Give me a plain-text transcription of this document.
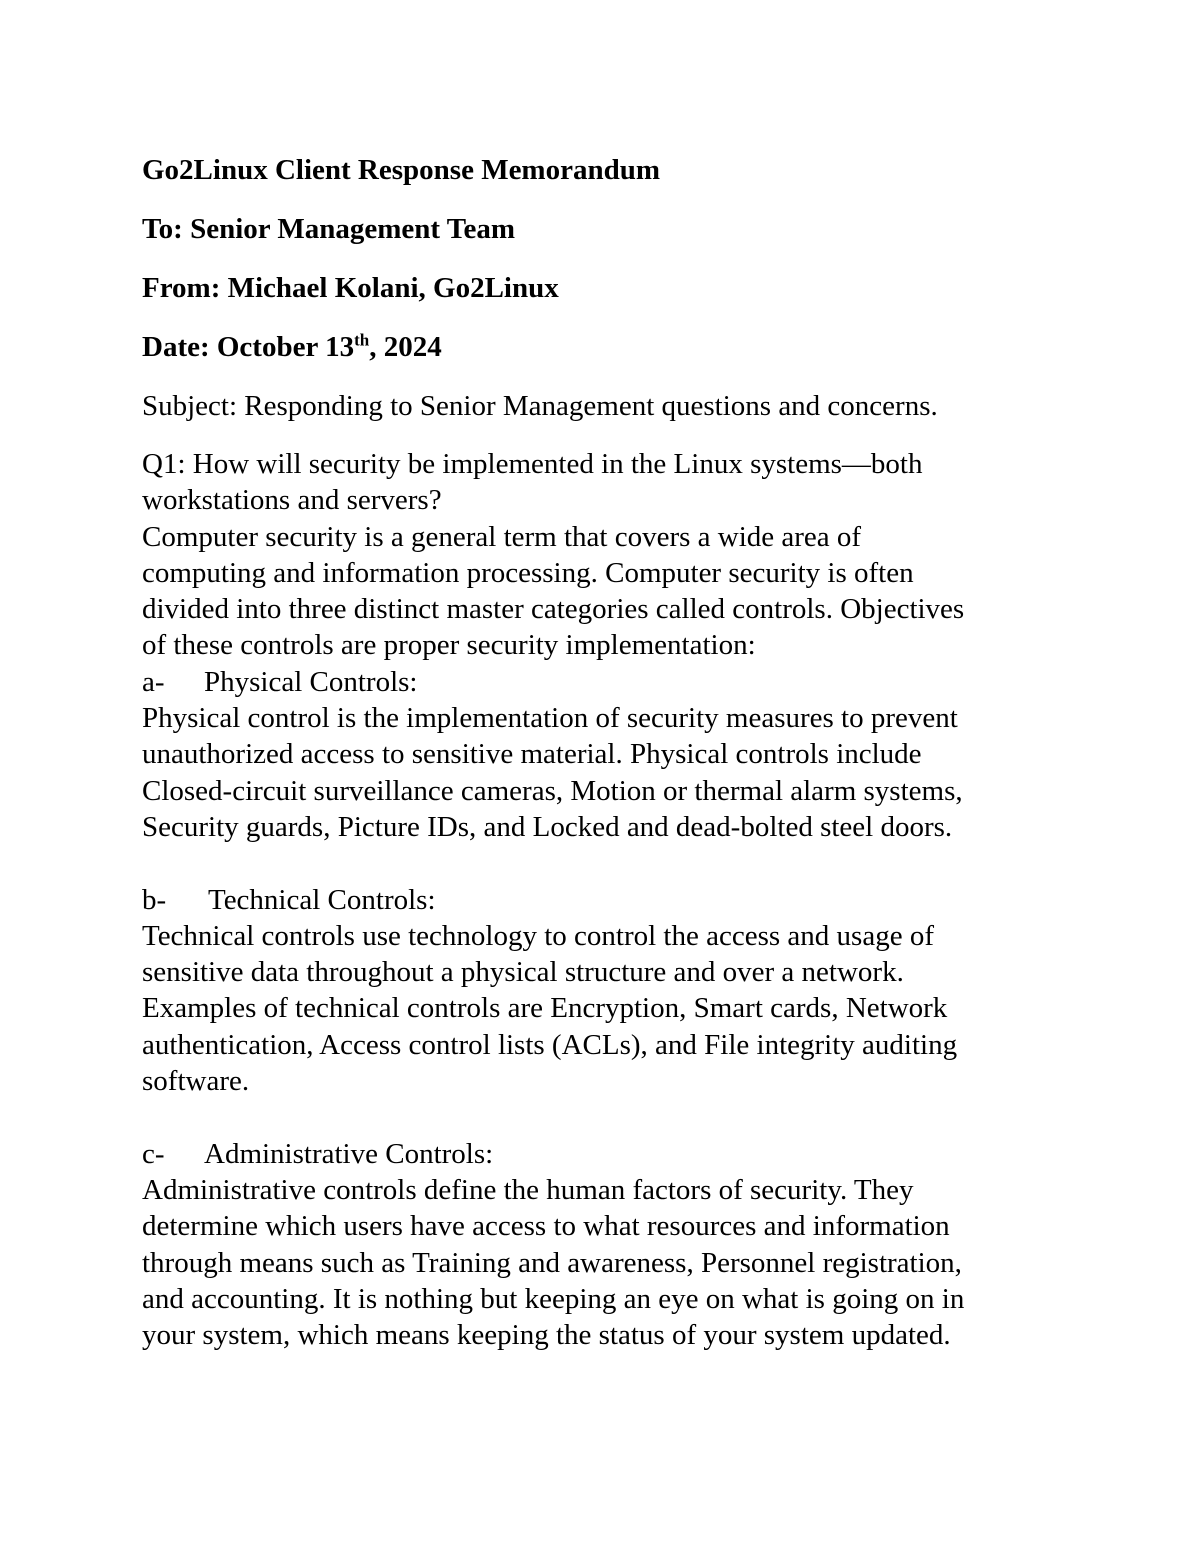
Go2Linux Client Response Memorandum
To: Senior Management Team
From: Michael Kolani, Go2Linux
Date: October 13th, 2024
Subject: Responding to Senior Management questions and concerns.
Q1: How will security be implemented in the Linux systems—both
workstations and servers?
Computer security is a general term that covers a wide area of
computing and information processing. Computer security is often
divided into three distinct master categories called controls. Objectives
of these controls are proper security implementation:
a- Physical Controls:
Physical control is the implementation of security measures to prevent
unauthorized access to sensitive material. Physical controls include
Closed-circuit surveillance cameras, Motion or thermal alarm systems,
Security guards, Picture IDs, and Locked and dead-bolted steel doors.
b- Technical Controls:
Technical controls use technology to control the access and usage of
sensitive data throughout a physical structure and over a network.
Examples of technical controls are Encryption, Smart cards, Network
authentication, Access control lists (ACLs), and File integrity auditing
software.
c- Administrative Controls:
Administrative controls define the human factors of security. They
determine which users have access to what resources and information
through means such as Training and awareness, Personnel registration,
and accounting. It is nothing but keeping an eye on what is going on in
your system, which means keeping the status of your system updated.
